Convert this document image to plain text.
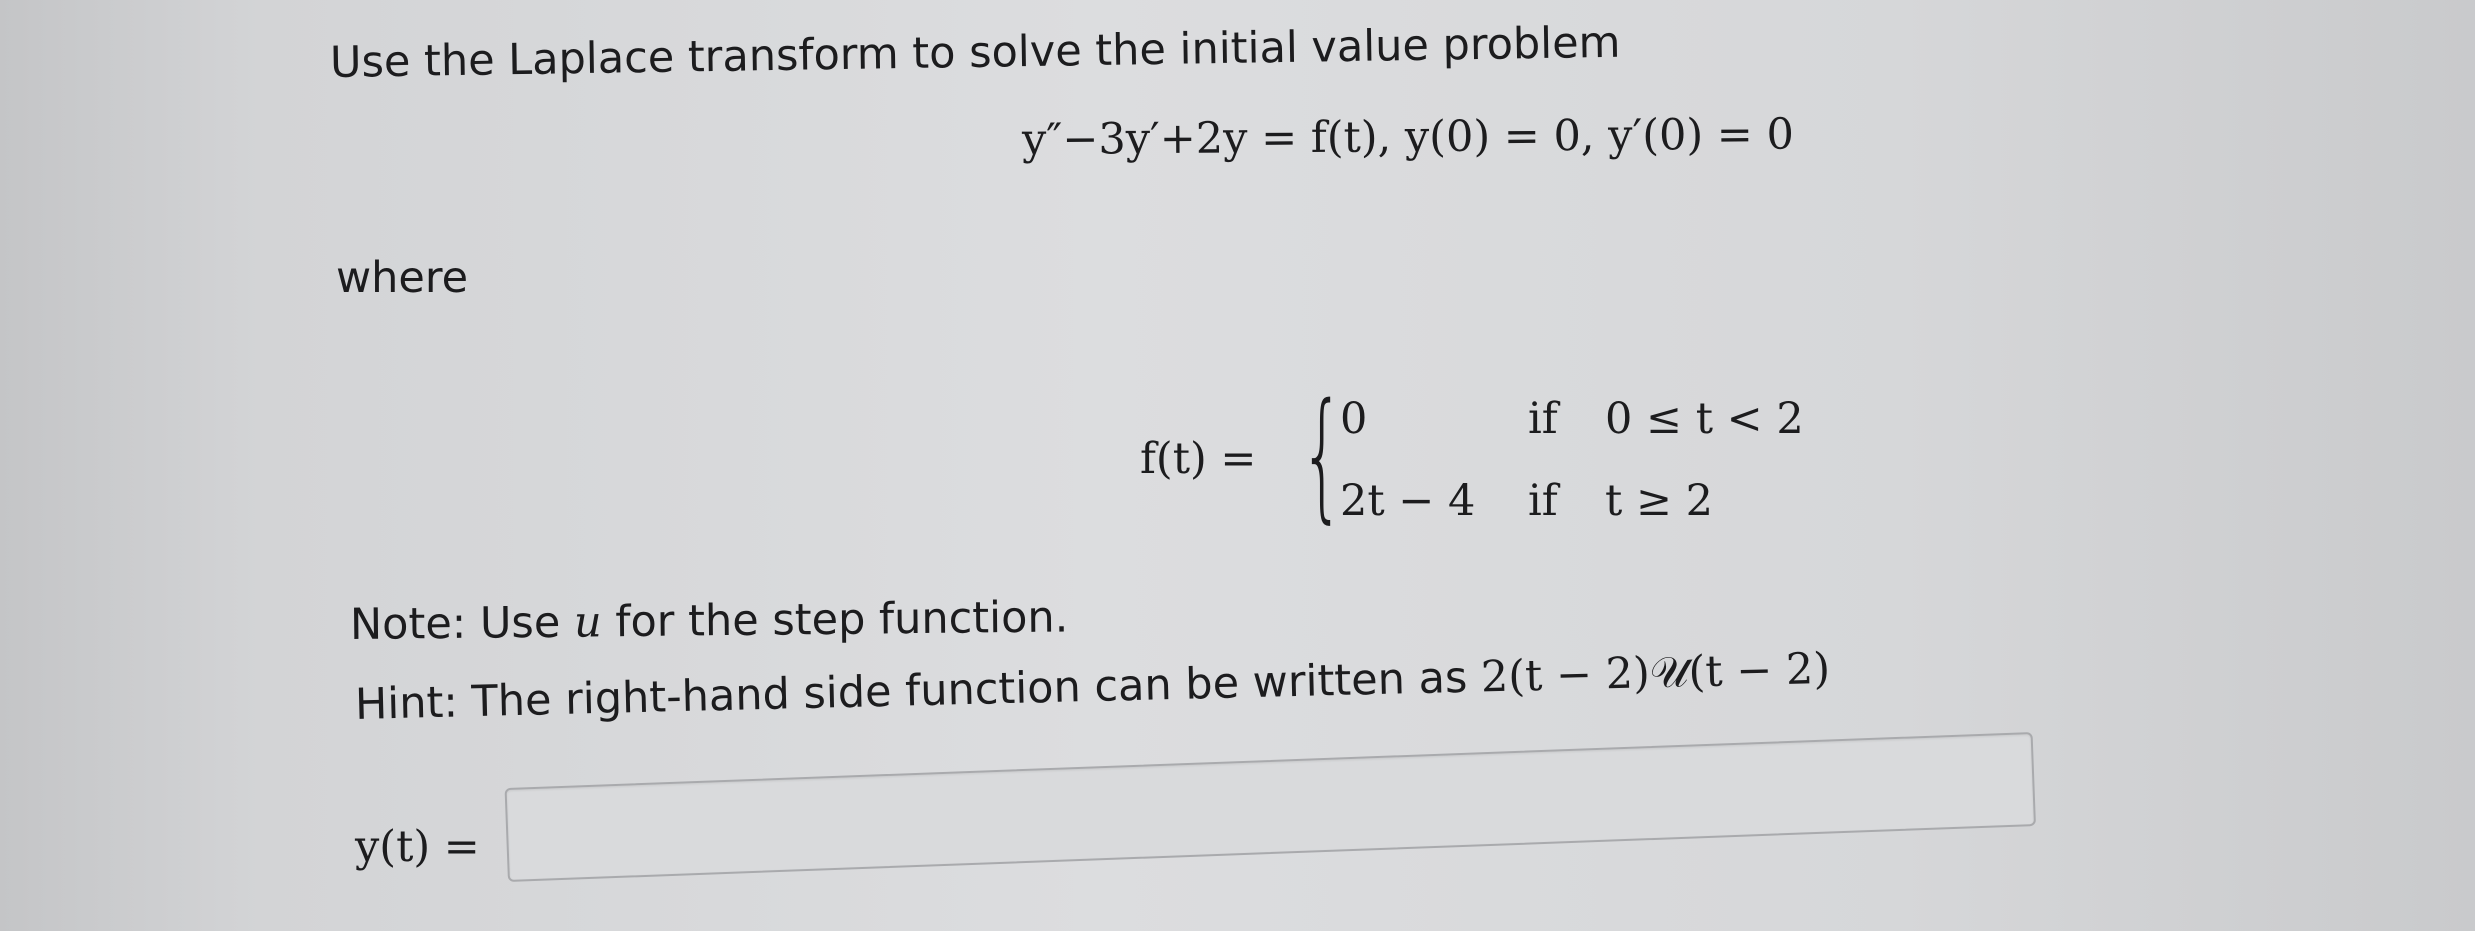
Use the Laplace transform to solve the initial value problem
y″−3y′+2y = f(t), y(0) = 0, y′(0) = 0
where
f(t) = {
0	if 0 ≤ t < 2
2t − 4 if t ≥ 2
Note: Use u for the step function.
Hint: The right-hand side function can be written as 2(t − 2)𝒰(t − 2)
y(t) =
